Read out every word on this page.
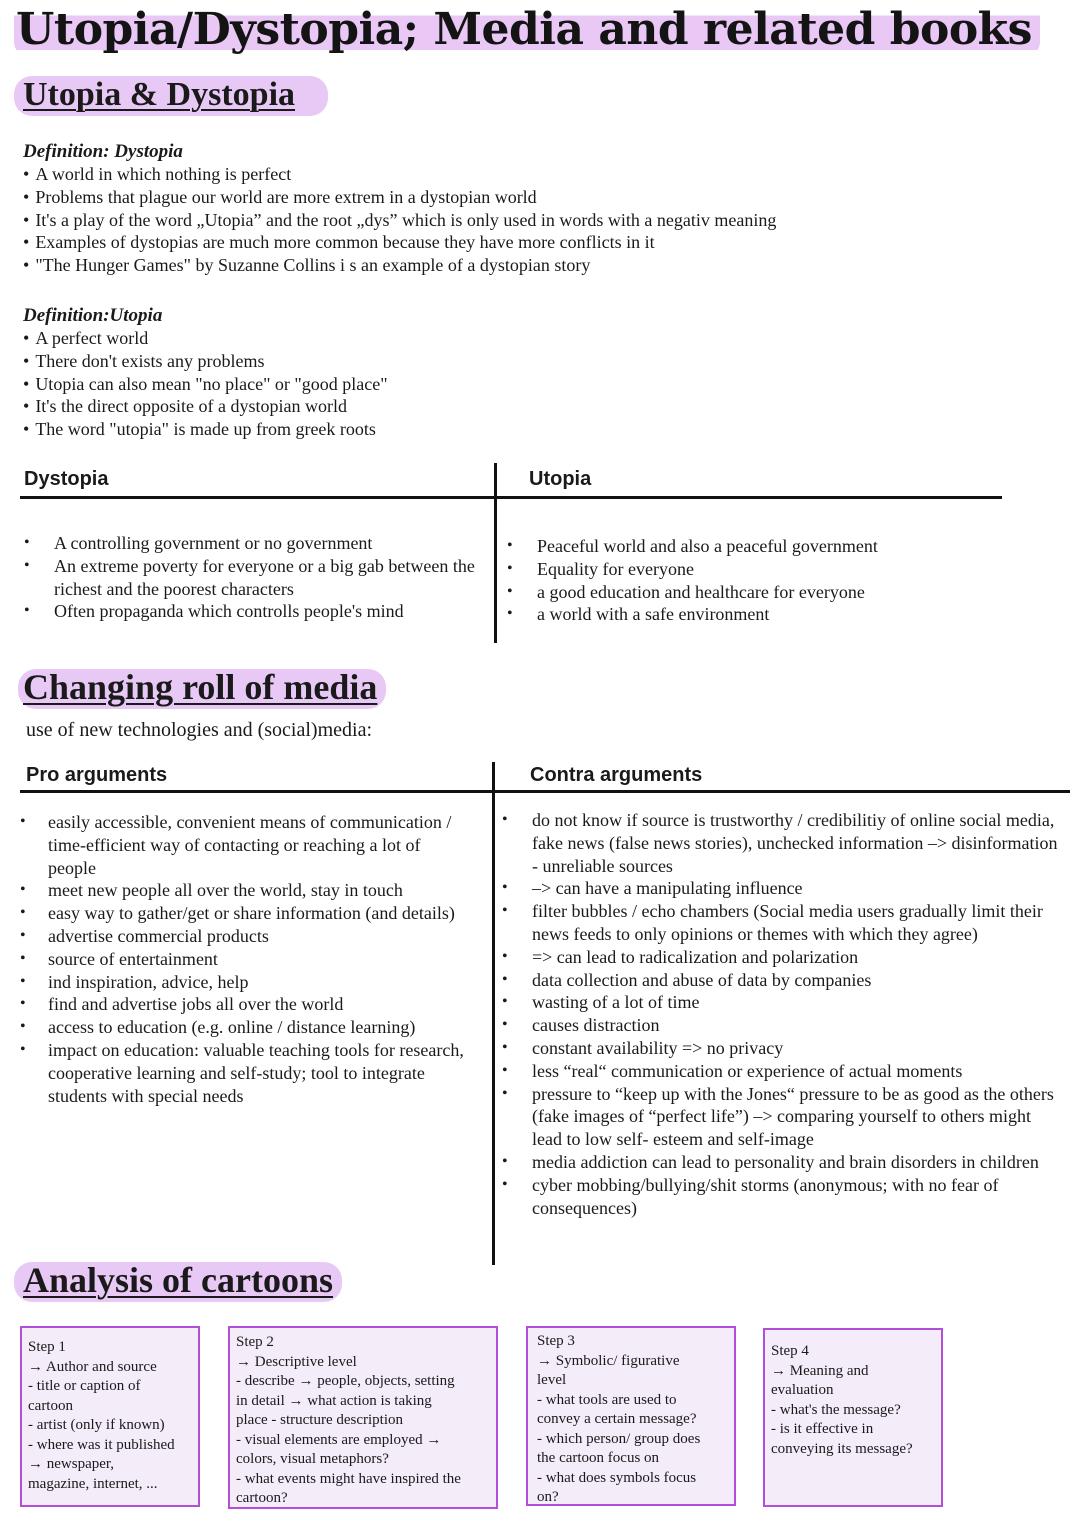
Utopia/Dystopia; Media and related books
Utopia & Dystopia

Definition: Dystopia

• A world in which nothing is perfect
• Problems that plague our world are more extrem in a dystopian world
• It's a play of the word „Utopia” and the root „dys” which is only used in words with a negativ meaning
• Examples of dystopias are much more common because they have more conflicts in it
• "The Hunger Games" by Suzanne Collins i s an example of a dystopian story

Definition:Utopia

• A perfect world
• There don't exists any problems
• Utopia can also mean "no place" or "good place"
• It's the direct opposite of a dystopian world
• The word "utopia" is made up from greek roots

Dystopia	Utopia

• A controlling government or no government
• An extreme poverty for everyone or a big gab between the richest and the poorest characters
• Often propaganda which controlls people's mind
• Peaceful world and also a peaceful government
• Equality for everyone
• a good education and healthcare for everyone
• a world with a safe environment
Changing roll of media

use of new technologies and (social)media:

Pro arguments	Contra arguments

• easily accessible, convenient means of communication / time-efficient way of contacting or reaching a lot of people
• meet new people all over the world, stay in touch
• easy way to gather/get or share information (and details)
• advertise commercial products
• source of entertainment
• ind inspiration, advice, help
• find and advertise jobs all over the world
• access to education (e.g. online / distance learning)
• impact on education: valuable teaching tools for research, cooperative learning and self-study; tool to integrate students with special needs
• do not know if source is trustworthy / credibilitiy of online social media, fake news (false news stories), unchecked information –> disinformation - unreliable sources
• –> can have a manipulating influence
• filter bubbles / echo chambers (Social media users gradually limit their news feeds to only opinions or themes with which they agree)
• => can lead to radicalization and polarization
• data collection and abuse of data by companies
• wasting of a lot of time
• causes distraction
• constant availability => no privacy
• less “real“ communication or experience of actual moments
• pressure to “keep up with the Jones“ pressure to be as good as the others (fake images of “perfect life”) –> comparing yourself to others might lead to low self- esteem and self-image
• media addiction can lead to personality and brain disorders in children
• cyber mobbing/bullying/shit storms (anonymous; with no fear of consequences)
Analysis of cartoons
Step 1
→ Author and source
- title or caption of
cartoon
- artist (only if known)
- where was it published
→ newspaper,
magazine, internet, ...
Step 2
→ Descriptive level
- describe → people, objects, setting
in detail → what action is taking
place - structure description
- visual elements are employed →
colors, visual metaphors?
- what events might have inspired the
cartoon?
Step 3
→ Symbolic/ figurative
level
- what tools are used to
convey a certain message?
- which person/ group does
the cartoon focus on
- what does symbols focus
on?
Step 4
→ Meaning and
evaluation
- what's the message?
- is it effective in
conveying its message?
